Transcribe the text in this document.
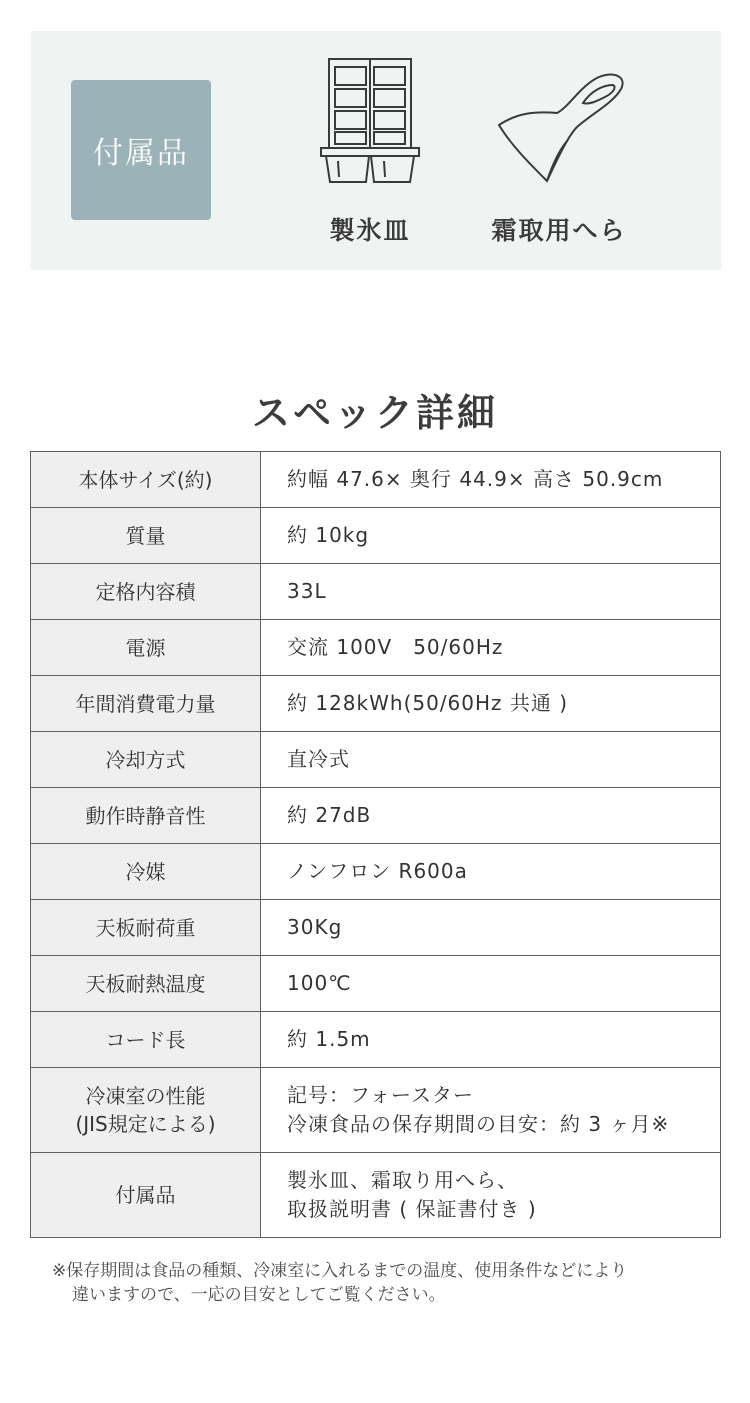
付属品
製氷皿	霜取用へら
スペック詳細
本体サイズ(約)	約幅 47.6× 奥行 44.9× 高さ 50.9cm
質量	約 10kg
定格内容積	33L
電源	交流 100V　50/60Hz
年間消費電力量	約 128kWh(50/60Hz 共通 )
冷却方式	直冷式
動作時静音性	約 27dB
冷媒	ノンフロン R600a
天板耐荷重	30Kg
天板耐熱温度	100℃
コード長	約 1.5m

冷凍室の性能
(JIS規定による)	記号：フォースター
冷凍食品の保存期間の目安：約 3 ヶ月※

付属品	製氷皿、霜取り用へら、
取扱説明書 ( 保証書付き )

※保存期間は食品の種類、冷凍室に入れるまでの温度、使用条件などにより
違いますので、一応の目安としてご覧ください。
